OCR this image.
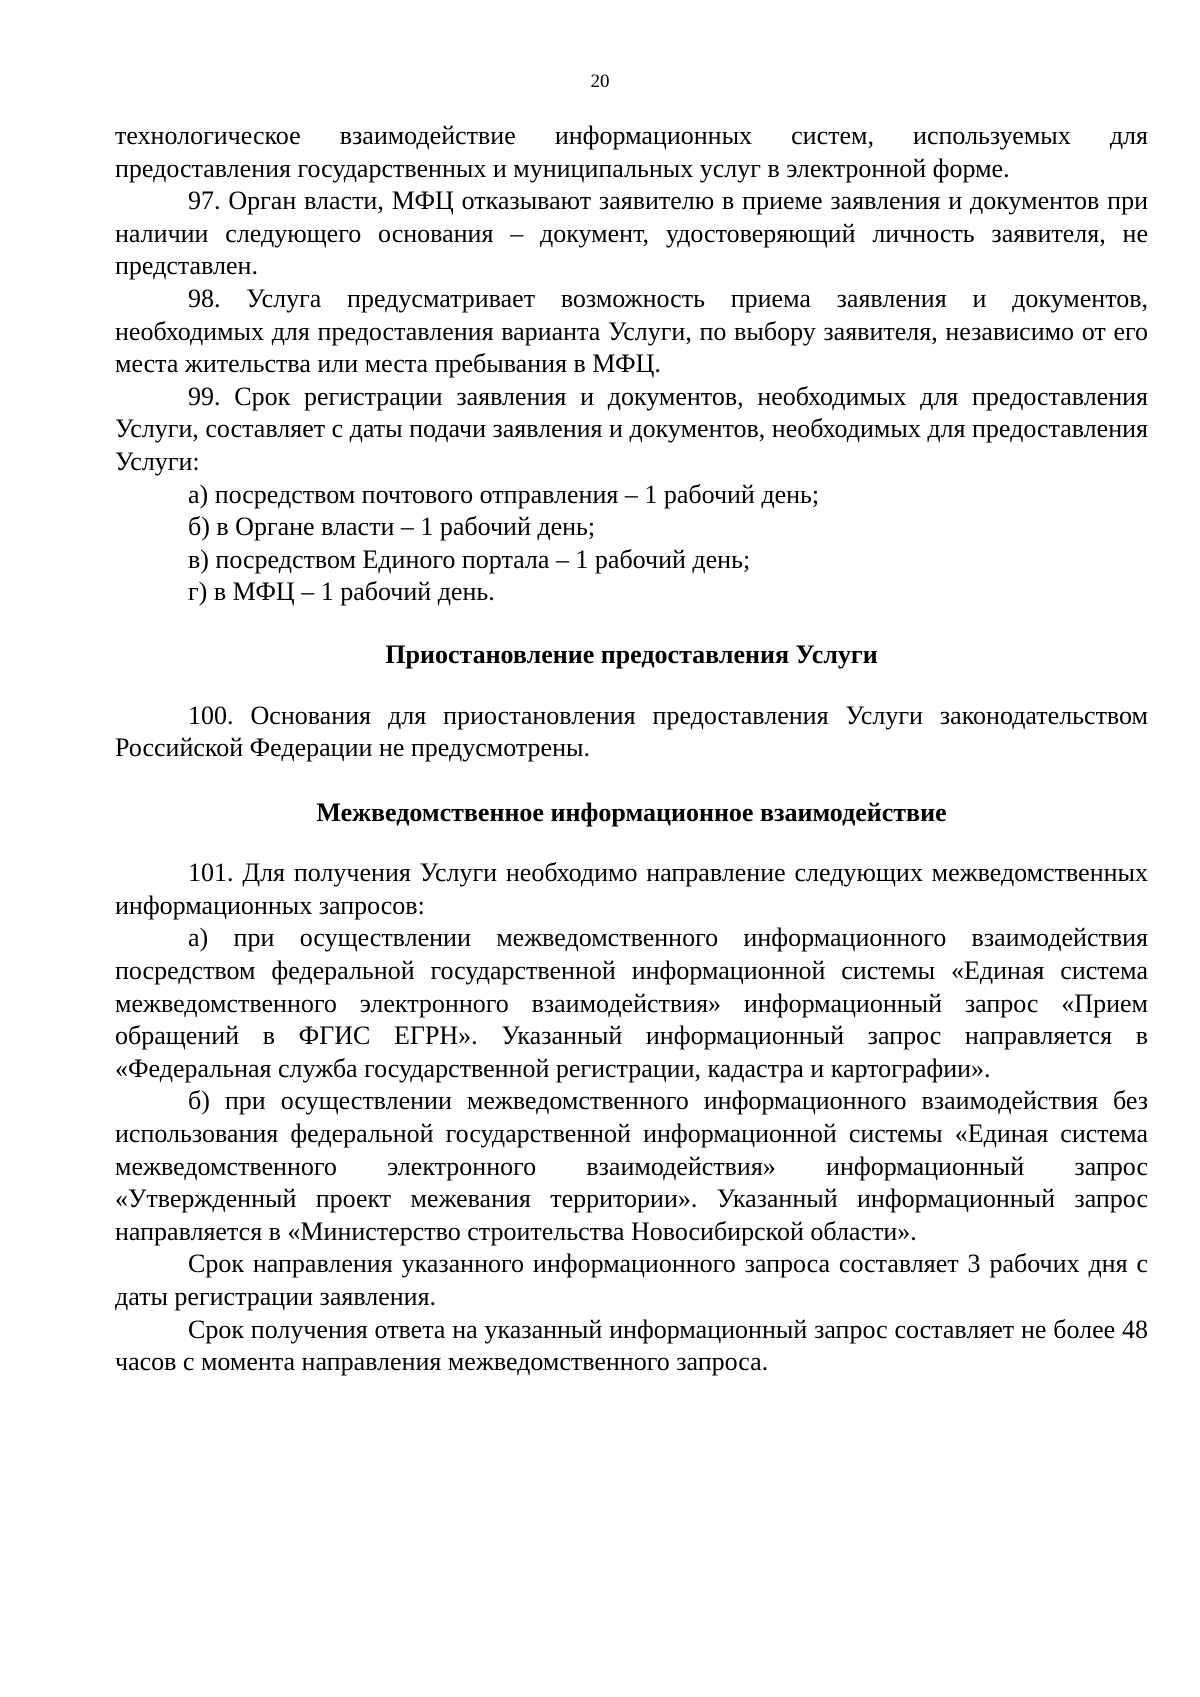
20

технологическое взаимодействие информационных систем, используемых для предоставления государственных и муниципальных услуг в электронной форме.

97. Орган власти, МФЦ отказывают заявителю в приеме заявления и документов при наличии следующего основания – документ, удостоверяющий личность заявителя, не представлен.

98. Услуга предусматривает возможность приема заявления и документов, необходимых для предоставления варианта Услуги, по выбору заявителя, независимо от его места жительства или места пребывания в МФЦ.

99. Срок регистрации заявления и документов, необходимых для предоставления Услуги, составляет с даты подачи заявления и документов, необходимых для предоставления Услуги:

а) посредством почтового отправления – 1 рабочий день;

б) в Органе власти – 1 рабочий день;

в) посредством Единого портала – 1 рабочий день;

г) в МФЦ – 1 рабочий день.

Приостановление предоставления Услуги

100. Основания для приостановления предоставления Услуги законодательством Российской Федерации не предусмотрены.

Межведомственное информационное взаимодействие

101. Для получения Услуги необходимо направление следующих межведомственных информационных запросов:

а) при осуществлении межведомственного информационного взаимодействия посредством федеральной государственной информационной системы «Единая система межведомственного электронного взаимодействия» информационный запрос «Прием обращений в ФГИС ЕГРН». Указанный информационный запрос направляется в «Федеральная служба государственной регистрации, кадастра и картографии».

б) при осуществлении межведомственного информационного взаимодействия без использования федеральной государственной информационной системы «Единая система межведомственного электронного взаимодействия» информационный запрос «Утвержденный проект межевания территории». Указанный информационный запрос направляется в «Министерство строительства Новосибирской области».

Срок направления указанного информационного запроса составляет 3 рабочих дня с даты регистрации заявления.

Срок получения ответа на указанный информационный запрос составляет не более 48 часов с момента направления межведомственного запроса.
